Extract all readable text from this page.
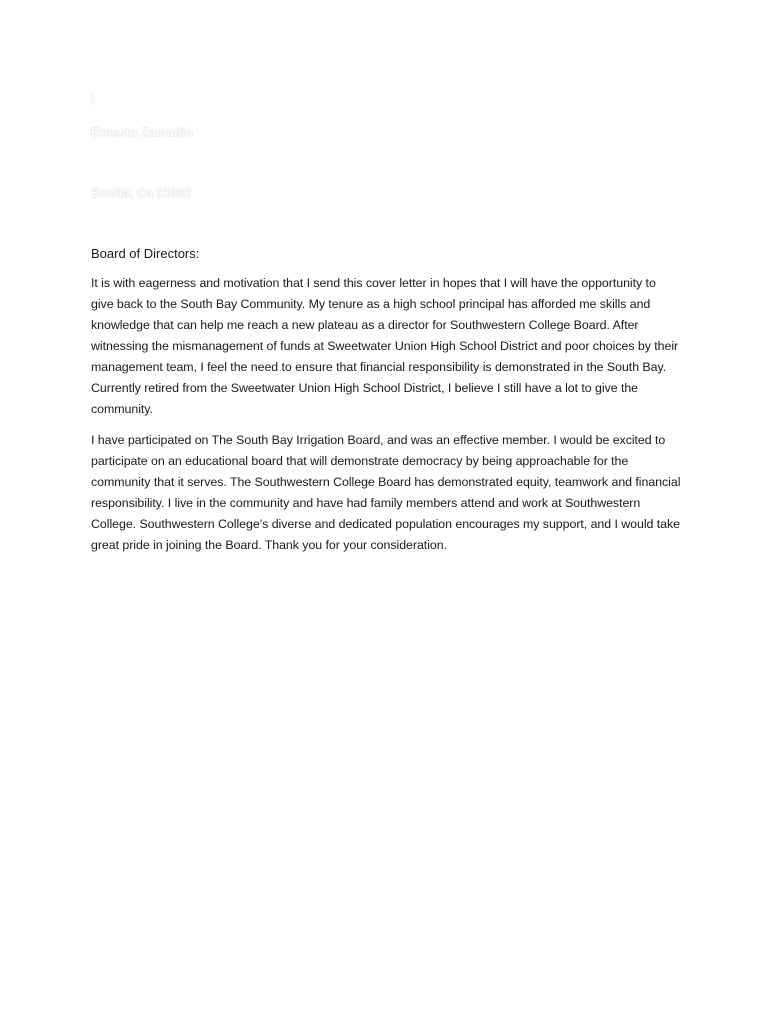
\

Ernesto Zamudio

Bonita, Ca 91902

Board of Directors:

It is with eagerness and motivation that I send this cover letter in hopes that I will have the opportunity to give back to the South Bay Community. My tenure as a high school principal has afforded me skills and knowledge that can help me reach a new plateau as a director for Southwestern College Board. After witnessing the mismanagement of funds at Sweetwater Union High School District and poor choices by their management team, I feel the need to ensure that financial responsibility is demonstrated in the South Bay. Currently retired from the Sweetwater Union High School District, I believe I still have a lot to give the community.

I have participated on The South Bay Irrigation Board, and was an effective member. I would be excited to participate on an educational board that will demonstrate democracy by being approachable for the community that it serves. The Southwestern College Board has demonstrated equity, teamwork and financial responsibility. I live in the community and have had family members attend and work at Southwestern College. Southwestern College’s diverse and dedicated population encourages my support, and I would take great pride in joining the Board. Thank you for your consideration.
